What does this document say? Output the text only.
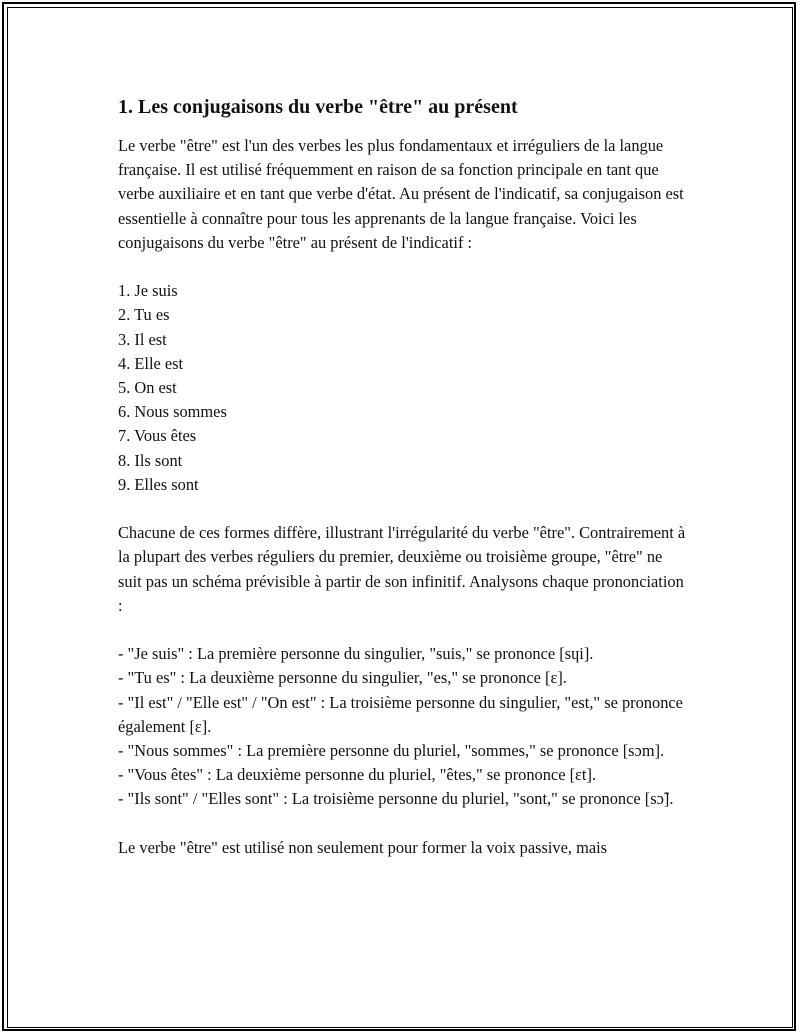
1. Les conjugaisons du verbe "être" au présent

Le verbe "être" est l'un des verbes les plus fondamentaux et irréguliers de la langue française. Il est utilisé fréquemment en raison de sa fonction principale en tant que verbe auxiliaire et en tant que verbe d'état. Au présent de l'indicatif, sa conjugaison est essentielle à connaître pour tous les apprenants de la langue française. Voici les conjugaisons du verbe "être" au présent de l'indicatif :

1. Je suis
2. Tu es
3. Il est
4. Elle est
5. On est
6. Nous sommes
7. Vous êtes
8. Ils sont
9. Elles sont

Chacune de ces formes diffère, illustrant l'irrégularité du verbe "être". Contrairement à la plupart des verbes réguliers du premier, deuxième ou troisième groupe, "être" ne suit pas un schéma prévisible à partir de son infinitif. Analysons chaque prononciation :

- "Je suis" : La première personne du singulier, "suis," se prononce [sɥi].

- "Tu es" : La deuxième personne du singulier, "es," se prononce [ɛ].

- "Il est" / "Elle est" / "On est" : La troisième personne du singulier, "est," se prononce également [ɛ].

- "Nous sommes" : La première personne du pluriel, "sommes," se prononce [sɔm].

- "Vous êtes" : La deuxième personne du pluriel, "êtes," se prononce [ɛt].

- "Ils sont" / "Elles sont" : La troisième personne du pluriel, "sont," se prononce [sɔ̃].

Le verbe "être" est utilisé non seulement pour former la voix passive, mais
